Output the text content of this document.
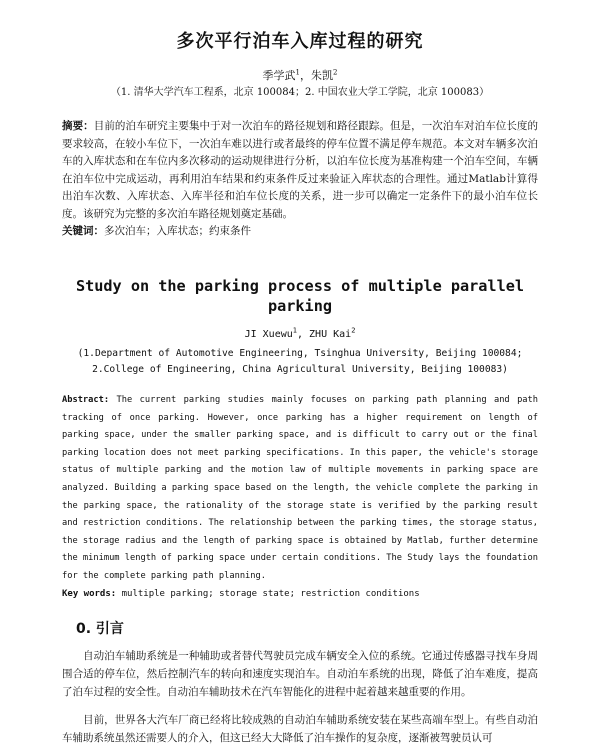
多次平行泊车入库过程的研究
季学武$^1$，朱凯$^2$
（1. 清华大学汽车工程系，北京 100084；2. 中国农业大学工学院，北京 100083）
摘要：目前的泊车研究主要集中于对一次泊车的路径规划和路径跟踪。但是，一次泊车对泊车位长度的要求较高，在较小车位下，一次泊车难以进行或者最终的停车位置不满足停车规范。本文对车辆多次泊车的入库状态和在车位内多次移动的运动规律进行分析，以泊车位长度为基准构建一个泊车空间，车辆在泊车位中完成运动，再利用泊车结果和约束条件反过来验证入库状态的合理性。通过Matlab计算得出泊车次数、入库状态、入库半径和泊车位长度的关系，进一步可以确定一定条件下的最小泊车位长度。该研究为完整的多次泊车路径规划奠定基础。
关键词：多次泊车；入库状态；约束条件
Study on the parking process of multiple parallel parking
JI Xuewu$^1$, ZHU Kai$^2$
(1.Department of Automotive Engineering, Tsinghua University, Beijing 100084;
2.College of Engineering, China Agricultural University, Beijing 100083)
Abstract: The current parking studies mainly focuses on parking path planning and path tracking of once parking. However, once parking has a higher requirement on length of parking space, under the smaller parking space, and is difficult to carry out or the final parking location does not meet parking specifications. In this paper, the vehicle's storage status of multiple parking and the motion law of multiple movements in parking space are analyzed. Building a parking space based on the length, the vehicle complete the parking in the parking space, the rationality of the storage state is verified by the parking result and restriction conditions. The relationship between the parking times, the storage status, the storage radius and the length of parking space is obtained by Matlab, further determine the minimum length of parking space under certain conditions. The Study lays the foundation for the complete parking path planning.
Key words: multiple parking; storage state; restriction conditions
0. 引言

自动泊车辅助系统是一种辅助或者替代驾驶员完成车辆安全入位的系统。它通过传感器寻找车身周围合适的停车位，然后控制汽车的转向和速度实现泊车。自动泊车系统的出现，降低了泊车难度，提高了泊车过程的安全性。自动泊车辅助技术在汽车智能化的进程中起着越来越重要的作用。

目前，世界各大汽车厂商已经将比较成熟的自动泊车辅助系统安装在某些高端车型上。有些自动泊车辅助系统虽然还需要人的介入，但这已经大大降低了泊车操作的复杂度，逐渐被驾驶员认可
